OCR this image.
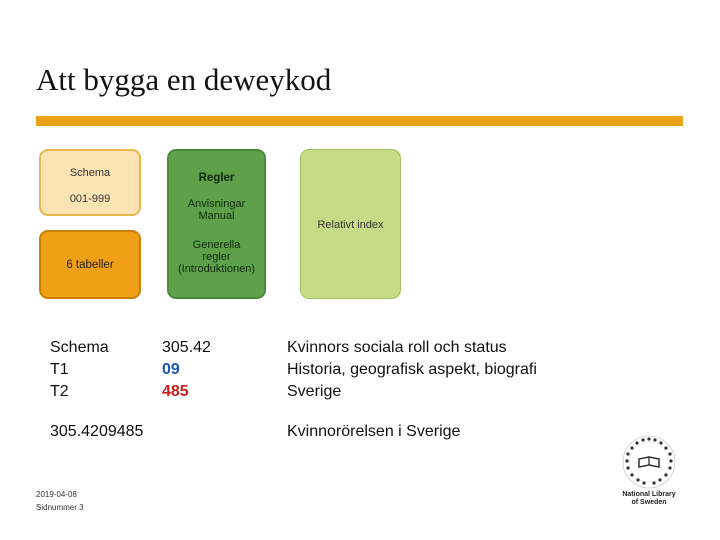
Att bygga en deweykod
Schema
001-999
6 tabeller
Regler
Anvisningar
Manual
Generella
regler
(Introduktionen)
Relativt index
Schema
T1
T2
305.42
09
485
Kvinnors sociala roll och status
Historia, geografisk aspekt, biografi
Sverige
305.4209485	Kvinnorörelsen i Sverige
2019-04-08
Sidnummer 3
National Library
of Sweden
